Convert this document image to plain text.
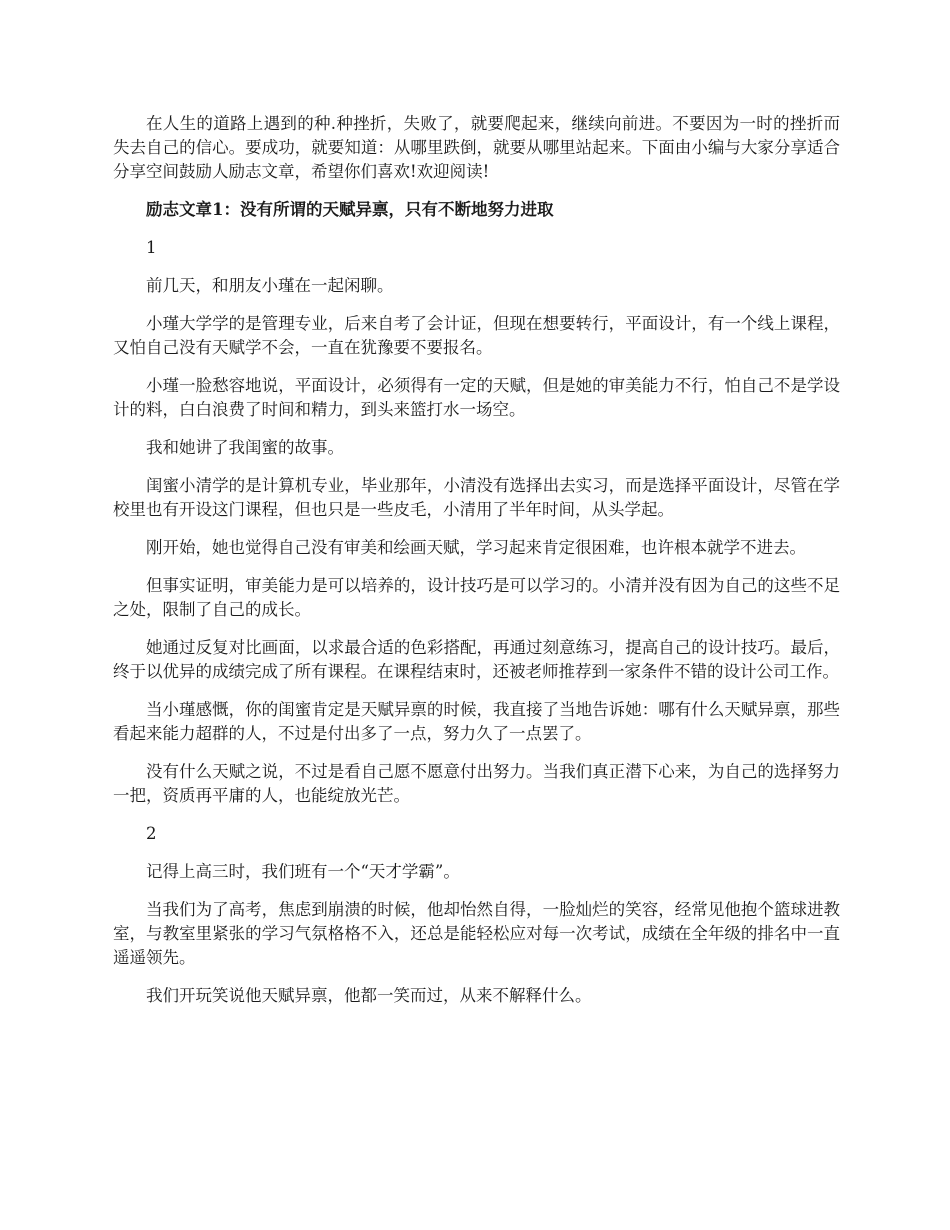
在人生的道路上遇到的种.种挫折，失败了，就要爬起来，继续向前进。不要因为一时的挫折而失去自己的信心。要成功，就要知道：从哪里跌倒，就要从哪里站起来。下面由小编与大家分享适合分享空间鼓励人励志文章，希望你们喜欢!欢迎阅读!

励志文章1：没有所谓的天赋异禀，只有不断地努力进取

1

前几天，和朋友小瑾在一起闲聊。

小瑾大学学的是管理专业，后来自考了会计证，但现在想要转行，平面设计，有一个线上课程，又怕自己没有天赋学不会，一直在犹豫要不要报名。

小瑾一脸愁容地说，平面设计，必须得有一定的天赋，但是她的审美能力不行，怕自己不是学设计的料，白白浪费了时间和精力，到头来篮打水一场空。

我和她讲了我闺蜜的故事。

闺蜜小清学的是计算机专业，毕业那年，小清没有选择出去实习，而是选择平面设计，尽管在学校里也有开设这门课程，但也只是一些皮毛，小清用了半年时间，从头学起。

刚开始，她也觉得自己没有审美和绘画天赋，学习起来肯定很困难，也许根本就学不进去。

但事实证明，审美能力是可以培养的，设计技巧是可以学习的。小清并没有因为自己的这些不足之处，限制了自己的成长。

她通过反复对比画面，以求最合适的色彩搭配，再通过刻意练习，提高自己的设计技巧。最后，终于以优异的成绩完成了所有课程。在课程结束时，还被老师推荐到一家条件不错的设计公司工作。

当小瑾感慨，你的闺蜜肯定是天赋异禀的时候，我直接了当地告诉她：哪有什么天赋异禀，那些看起来能力超群的人，不过是付出多了一点，努力久了一点罢了。

没有什么天赋之说，不过是看自己愿不愿意付出努力。当我们真正潜下心来，为自己的选择努力一把，资质再平庸的人，也能绽放光芒。

2

记得上高三时，我们班有一个“天才学霸”。

当我们为了高考，焦虑到崩溃的时候，他却怡然自得，一脸灿烂的笑容，经常见他抱个篮球进教室，与教室里紧张的学习气氛格格不入，还总是能轻松应对每一次考试，成绩在全年级的排名中一直遥遥领先。

我们开玩笑说他天赋异禀，他都一笑而过，从来不解释什么。
